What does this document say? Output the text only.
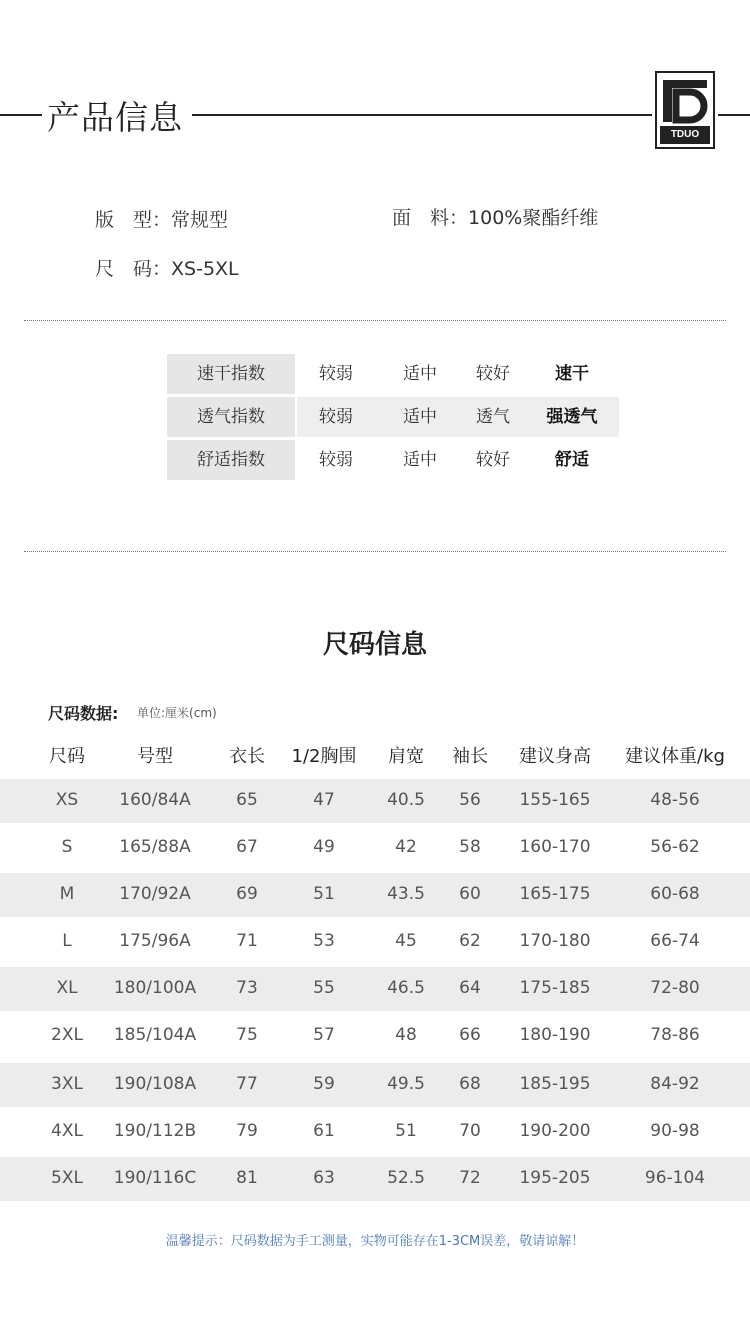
产品信息	TDUO
版　型：常规型	面　料：100%聚酯纤维
尺　码：XS-5XL
速干指数	较弱	适中	较好	速干
透气指数	较弱	适中	透气	强透气
舒适指数	较弱	适中	较好	舒适
尺码信息
尺码数据: 单位:厘米(cm)
尺码	号型	衣长	1/2胸围	肩宽	袖长	建议身高	建议体重/kg
XS	160/84A	65	47	40.5	56	155-165	48-56
S	165/88A	67	49	42	58	160-170	56-62
M	170/92A	69	51	43.5	60	165-175	60-68
L	175/96A	71	53	45	62	170-180	66-74
XL	180/100A	73	55	46.5	64	175-185	72-80
2XL	185/104A	75	57	48	66	180-190	78-86
3XL	190/108A	77	59	49.5	68	185-195	84-92
4XL	190/112B	79	61	51	70	190-200	90-98
5XL	190/116C	81	63	52.5	72	195-205	96-104
温馨提示：尺码数据为手工测量，实物可能存在1-3CM误差，敬请谅解！
